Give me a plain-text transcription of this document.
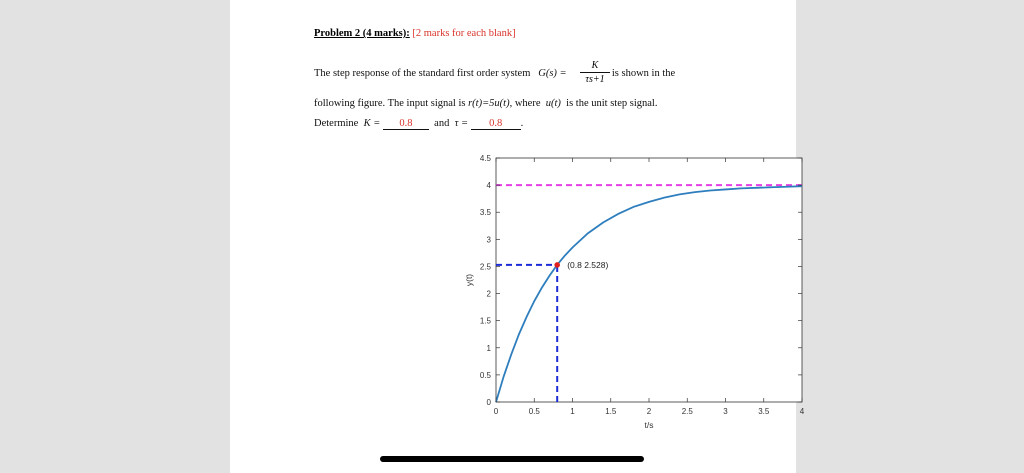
Problem 2 (4 marks): [2 marks for each blank]
The step response of the standard first order system G(s) =	is shown in the
$\frac{K}{\tau s+1}$
following figure. The input signal is r(t)=5u(t), where u(t) is the unit step signal.
Determine K = 0.8 and τ = 0.8 .
(0.8 2.528)
0	0.5	1	1.5	2	2.5	3	3.5	4
0
0.5
1
1.5
2
2.5
3
3.5
4
4.5
t/s
y(t)
